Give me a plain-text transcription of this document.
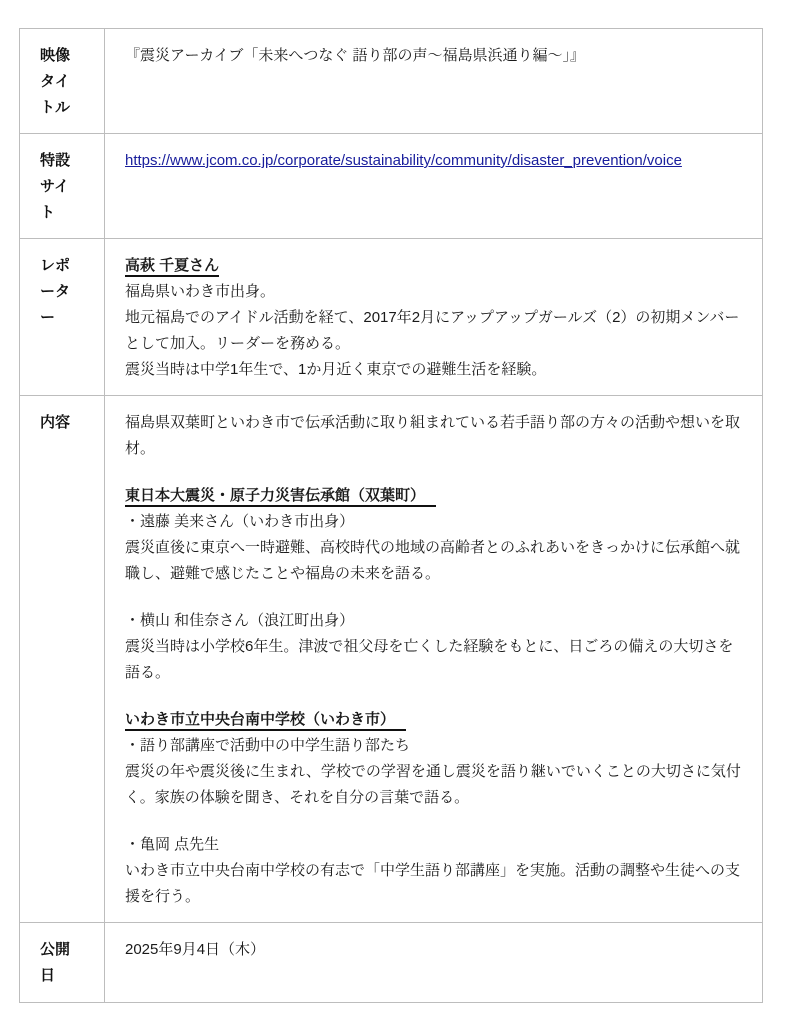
映像タイトル	『震災アーカイブ「未来へつなぐ 語り部の声〜福島県浜通り編〜」』
特設サイト	https://www.jcom.co.jp/corporate/sustainability/community/disaster_prevention/voice
レポーター	高萩 千夏さん
福島県いわき市出身。
地元福島でのアイドル活動を経て、2017年2月にアップアップガールズ（2）の初期メンバーとして加入。リーダーを務める。
震災当時は中学1年生で、1か月近く東京での避難生活を経験。

内容	福島県双葉町といわき市で伝承活動に取り組まれている若手語り部の方々の活動や想いを取材。
東日本大震災・原子力災害伝承館（双葉町）
・遠藤 美来さん（いわき市出身）
震災直後に東京へ一時避難、高校時代の地域の高齢者とのふれあいをきっかけに伝承館へ就職し、避難で感じたことや福島の未来を語る。
・横山 和佳奈さん（浪江町出身）
震災当時は小学校6年生。津波で祖父母を亡くした経験をもとに、日ごろの備えの大切さを語る。
いわき市立中央台南中学校（いわき市）
・語り部講座で活動中の中学生語り部たち
震災の年や震災後に生まれ、学校での学習を通し震災を語り継いでいくことの大切さに気付く。家族の体験を聞き、それを自分の言葉で語る。
・亀岡 点先生
いわき市立中央台南中学校の有志で「中学生語り部講座」を実施。活動の調整や生徒への支援を行う。

公開日	2025年9月4日（木）
